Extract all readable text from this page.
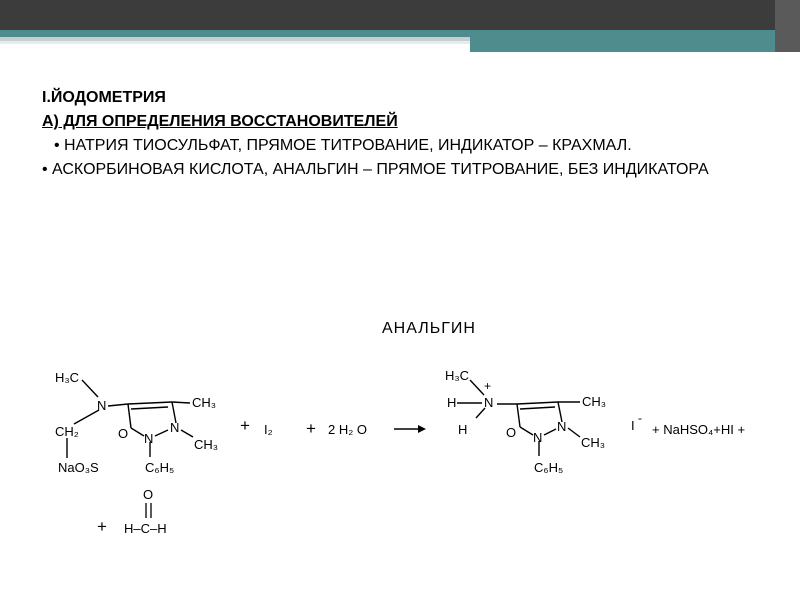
I.ЙОДОМЕТРИЯ
А) ДЛЯ ОПРЕДЕЛЕНИЯ ВОССТАНОВИТЕЛЕЙ
• НАТРИЯ ТИОСУЛЬФАТ, ПРЯМОЕ ТИТРОВАНИЕ, ИНДИКАТОР – КРАХМАЛ.
• АСКОРБИНОВАЯ КИСЛОТА, АНАЛЬГИН – ПРЯМОЕ ТИТРОВАНИЕ, БЕЗ ИНДИКАТОРА
АНАЛЬГИН
H₃C
N	CH₃
CH₂	O N
N
CH₃
C₆H₅
NaO₃S
+ I₂ + 2 H₂ O
+
O
H–C–H
H₃C
+
H N
H
CH₃
O N
N
CH₃
C₆H₅
I -
+ NaHSO₄+HI +
